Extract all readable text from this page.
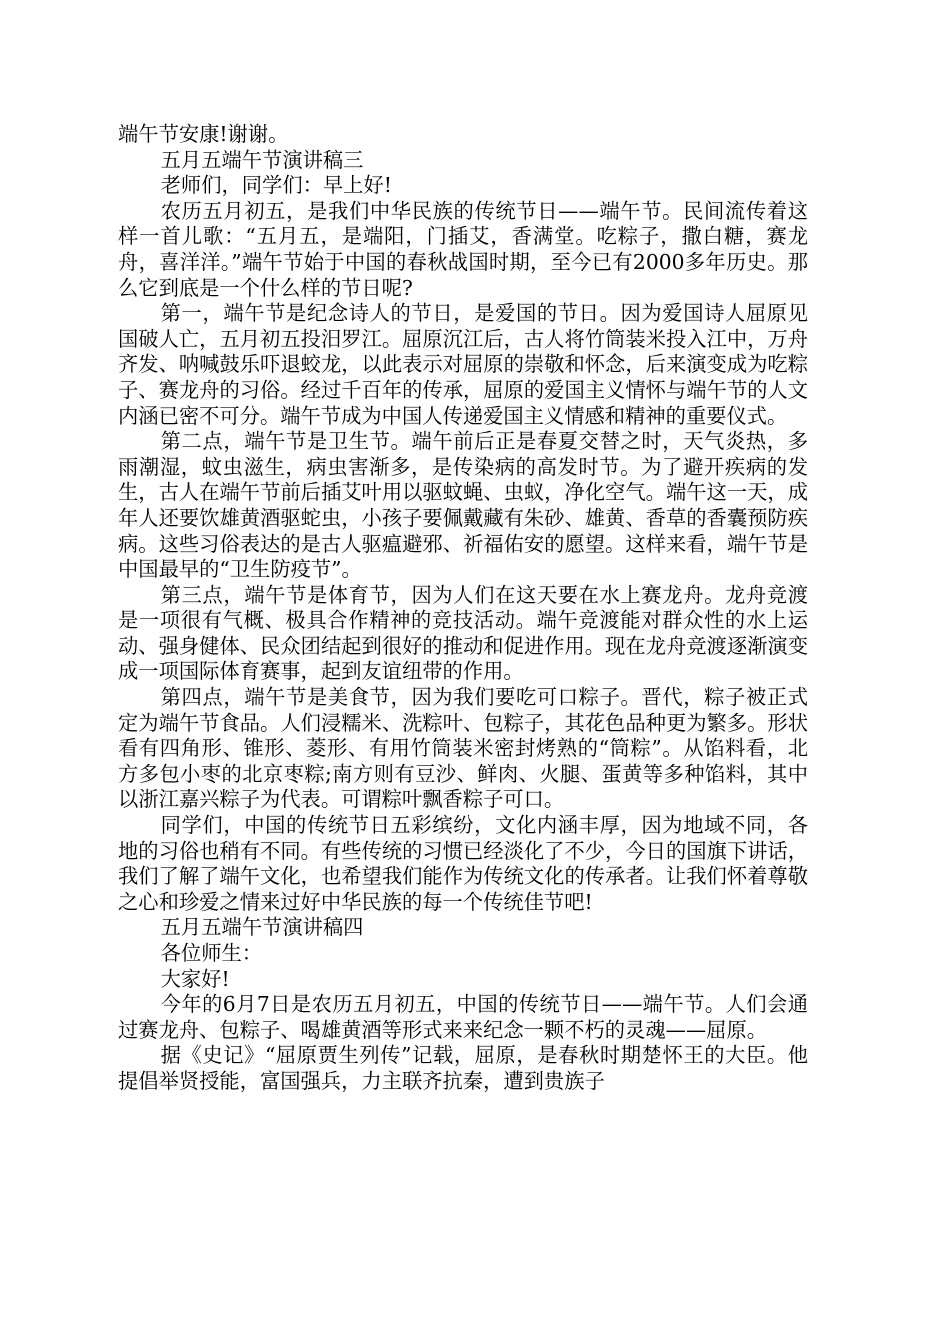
端午节安康!谢谢。

五月五端午节演讲稿三

老师们，同学们：早上好!

农历五月初五，是我们中华民族的传统节日——端午节。民间流传着这样一首儿歌：“五月五，是端阳，门插艾，香满堂。吃粽子，撒白糖，赛龙舟，喜洋洋。”端午节始于中国的春秋战国时期，至今已有2000多年历史。那么它到底是一个什么样的节日呢?

第一，端午节是纪念诗人的节日，是爱国的节日。因为爱国诗人屈原见国破人亡，五月初五投汨罗江。屈原沉江后，古人将竹筒装米投入江中，万舟齐发、呐喊鼓乐吓退蛟龙，以此表示对屈原的崇敬和怀念，后来演变成为吃粽子、赛龙舟的习俗。经过千百年的传承，屈原的爱国主义情怀与端午节的人文内涵已密不可分。端午节成为中国人传递爱国主义情感和精神的重要仪式。

第二点，端午节是卫生节。端午前后正是春夏交替之时，天气炎热，多雨潮湿，蚊虫滋生，病虫害渐多，是传染病的高发时节。为了避开疾病的发生，古人在端午节前后插艾叶用以驱蚊蝇、虫蚁，净化空气。端午这一天，成年人还要饮雄黄酒驱蛇虫，小孩子要佩戴藏有朱砂、雄黄、香草的香囊预防疾病。这些习俗表达的是古人驱瘟避邪、祈福佑安的愿望。这样来看，端午节是中国最早的“卫生防疫节”。

第三点，端午节是体育节，因为人们在这天要在水上赛龙舟。龙舟竞渡是一项很有气概、极具合作精神的竞技活动。端午竞渡能对群众性的水上运动、强身健体、民众团结起到很好的推动和促进作用。现在龙舟竞渡逐渐演变成一项国际体育赛事，起到友谊纽带的作用。

第四点，端午节是美食节，因为我们要吃可口粽子。晋代，粽子被正式定为端午节食品。人们浸糯米、洗粽叶、包粽子，其花色品种更为繁多。形状看有四角形、锥形、菱形、有用竹筒装米密封烤熟的“筒粽”。从馅料看，北方多包小枣的北京枣粽;南方则有豆沙、鲜肉、火腿、蛋黄等多种馅料，其中以浙江嘉兴粽子为代表。可谓粽叶飘香粽子可口。

同学们，中国的传统节日五彩缤纷，文化内涵丰厚，因为地域不同，各地的习俗也稍有不同。有些传统的习惯已经淡化了不少，今日的国旗下讲话，我们了解了端午文化，也希望我们能作为传统文化的传承者。让我们怀着尊敬之心和珍爱之情来过好中华民族的每一个传统佳节吧!

五月五端午节演讲稿四

各位师生：

大家好!

今年的6月7日是农历五月初五，中国的传统节日——端午节。人们会通过赛龙舟、包粽子、喝雄黄酒等形式来来纪念一颗不朽的灵魂——屈原。

据《史记》“屈原贾生列传”记载，屈原，是春秋时期楚怀王的大臣。他提倡举贤授能，富国强兵，力主联齐抗秦，遭到贵族子
